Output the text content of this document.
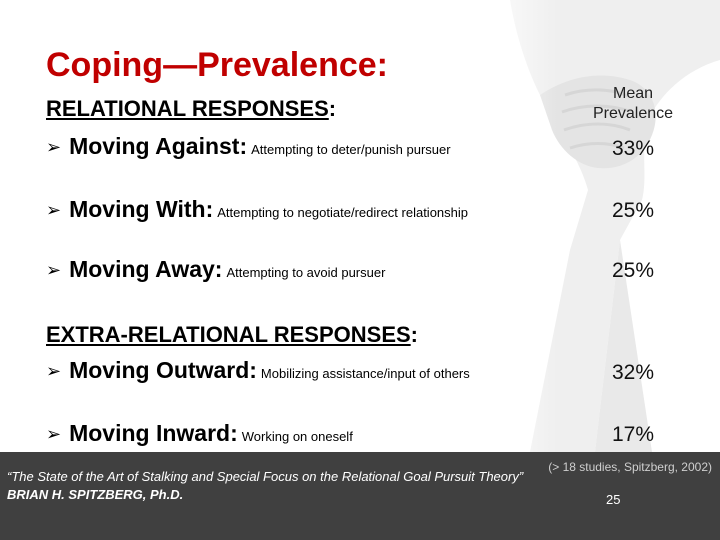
Coping—Prevalence:
Mean
Prevalence
RELATIONAL RESPONSES:
➢ Moving Against: Attempting to deter/punish pursuer	33%
➢ Moving With: Attempting to negotiate/redirect relationship	25%
➢ Moving Away: Attempting to avoid pursuer	25%
EXTRA-RELATIONAL RESPONSES:
➢ Moving Outward: Mobilizing assistance/input of others	32%
➢ Moving Inward: Working on oneself	17%
(> 18 studies, Spitzberg, 2002)
“The State of the Art of Stalking and Special Focus on the Relational Goal Pursuit Theory”
BRIAN H. SPITZBERG, Ph.D.	25
